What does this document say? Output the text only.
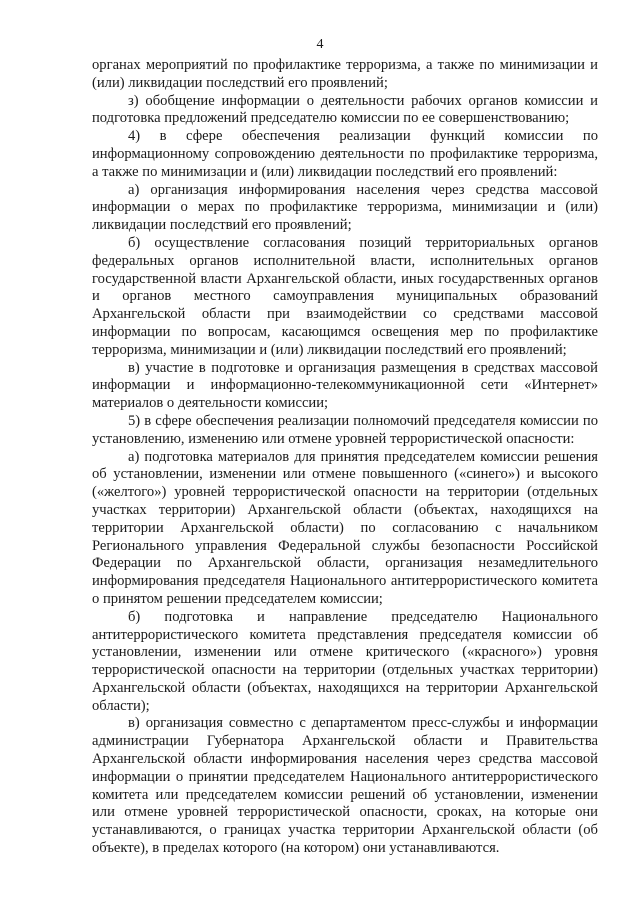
4

органах мероприятий по профилактике терроризма, а также по минимизации и (или) ликвидации последствий его проявлений;

з) обобщение информации о деятельности рабочих органов комиссии и подготовка предложений председателю комиссии по ее совершенствованию;

4) в сфере обеспечения реализации функций комиссии по информационному сопровождению деятельности по профилактике терроризма, а также по минимизации и (или) ликвидации последствий его проявлений:

а) организация информирования населения через средства массовой информации о мерах по профилактике терроризма, минимизации и (или) ликвидации последствий его проявлений;

б) осуществление согласования позиций территориальных органов федеральных органов исполнительной власти, исполнительных органов государственной власти Архангельской области, иных государственных органов и органов местного самоуправления муниципальных образований Архангельской области при взаимодействии со средствами массовой информации по вопросам, касающимся освещения мер по профилактике терроризма, минимизации и (или) ликвидации последствий его проявлений;

в) участие в подготовке и организация размещения в средствах массовой информации и информационно-телекоммуникационной сети «Интернет» материалов о деятельности комиссии;

5) в сфере обеспечения реализации полномочий председателя комиссии по установлению, изменению или отмене уровней террористической опасности:

а) подготовка материалов для принятия председателем комиссии решения об установлении, изменении или отмене повышенного («синего») и высокого («желтого») уровней террористической опасности на территории (отдельных участках территории) Архангельской области (объектах, находящихся на территории Архангельской области) по согласованию с начальником Регионального управления Федеральной службы безопасности Российской Федерации по Архангельской области, организация незамедлительного информирования председателя Национального антитеррористического комитета о принятом решении председателем комиссии;

б) подготовка и направление председателю Национального антитеррористического комитета представления председателя комиссии об установлении, изменении или отмене критического («красного») уровня террористической опасности на территории (отдельных участках территории) Архангельской области (объектах, находящихся на территории Архангельской области);

в) организация совместно с департаментом пресс-службы и информации администрации Губернатора Архангельской области и Правительства Архангельской области информирования населения через средства массовой информации о принятии председателем Национального антитеррористического комитета или председателем комиссии решений об установлении, изменении или отмене уровней террористической опасности, сроках, на которые они устанавливаются, о границах участка территории Архангельской области (об объекте), в пределах которого (на котором) они устанавливаются.
